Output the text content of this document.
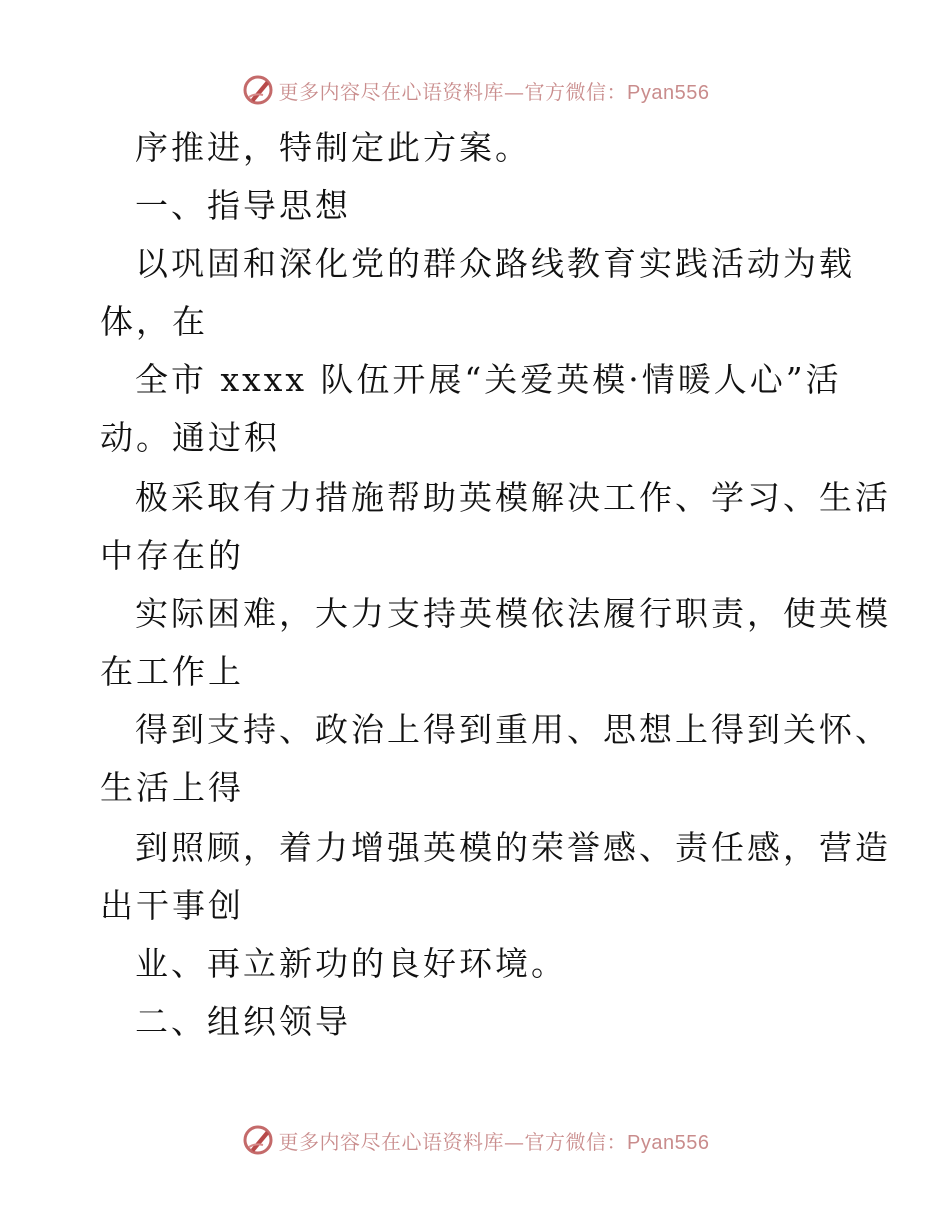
更多内容尽在心语资料库—官方微信：Pyan556
序推进，特制定此方案。
一、指导思想
以巩固和深化党的群众路线教育实践活动为载
体，在
全市 xxxx 队伍开展“关爱英模·情暖人心”活
动。通过积
极采取有力措施帮助英模解决工作、学习、生活
中存在的
实际困难，大力支持英模依法履行职责，使英模
在工作上
得到支持、政治上得到重用、思想上得到关怀、
生活上得
到照顾，着力增强英模的荣誉感、责任感，营造
出干事创
业、再立新功的良好环境。
二、组织领导
更多内容尽在心语资料库—官方微信：Pyan556
